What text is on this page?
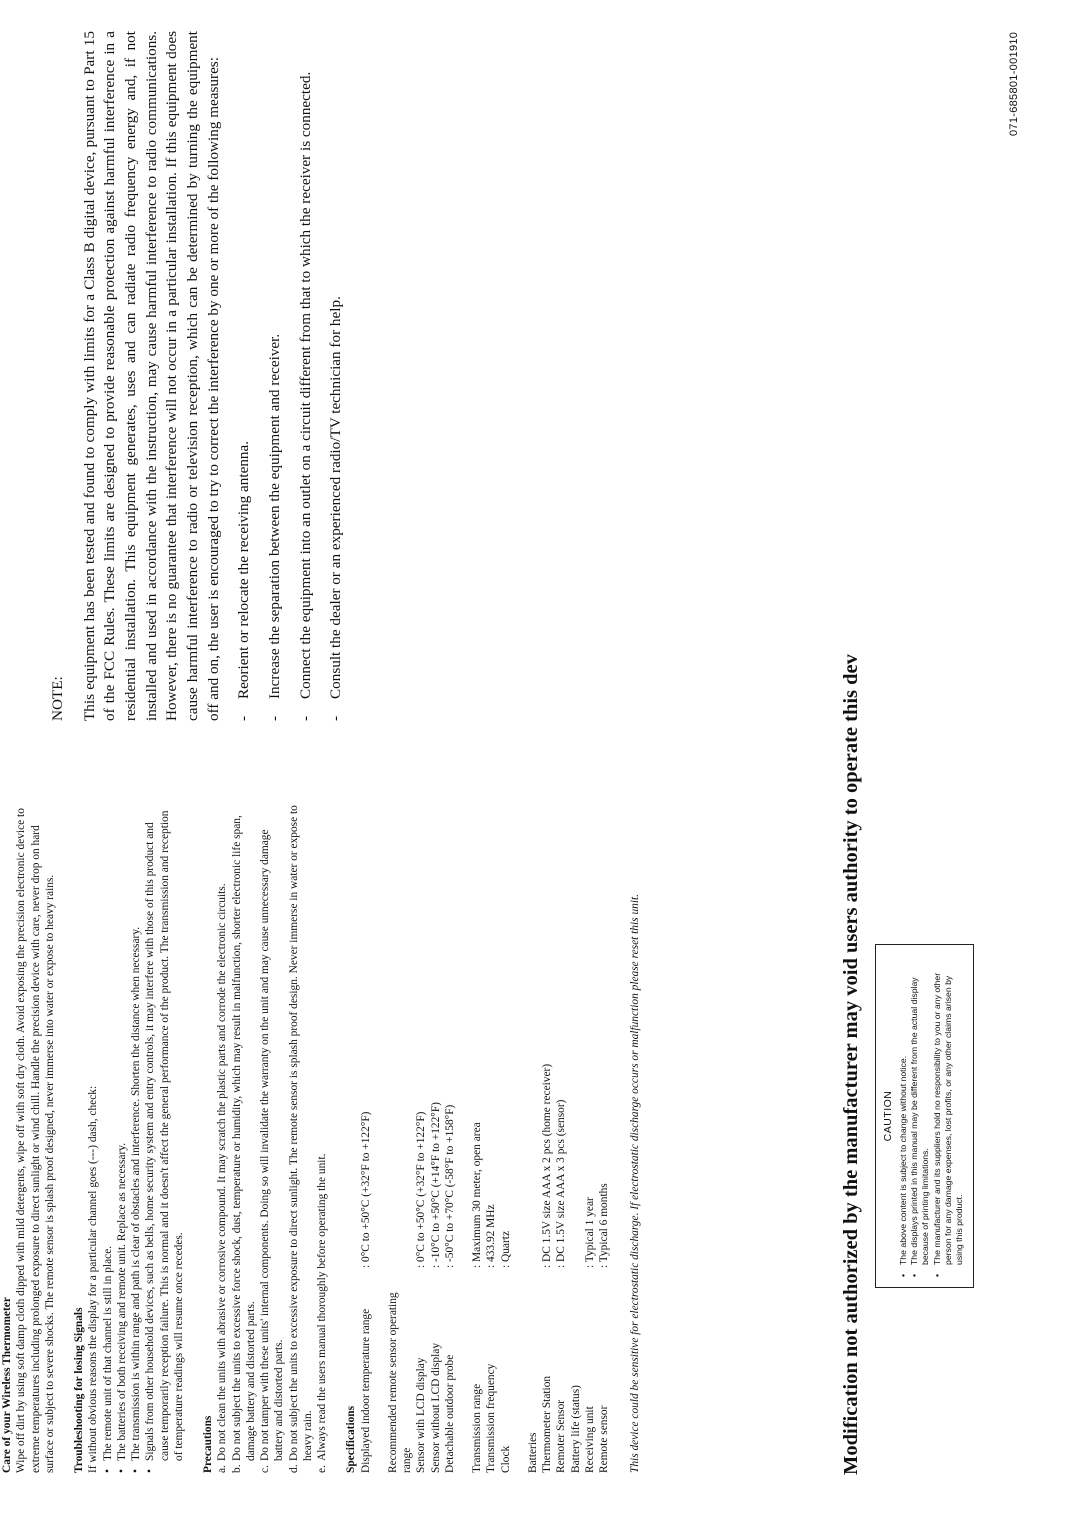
Care of your Wireless Thermometer Wipe off dirt by using soft damp cloth dipped with mild detergents, wipe off with soft dry cloth. Avoid exposing the precision electronic device to extreme temperatures including prolonged exposure to direct sunlight or wind chill. Handle the precision device with care, never drop on hard surface or subject to severe shocks. The remote sensor is splash proof designed, never immerse into water or expose to heavy rains. Troubleshooting for losing Signals If without obvious reasons the display for a particular channel goes (---) dash, check: • The remote unit of that channel is still in place. • The batteries of both receiving and remote unit. Replace as necessary. • The transmission is within range and path is clear of obstacles and interference. Shorten the distance when necessary. • Signals from other household devices, such as bells, home security system and entry controls, it may interfere with those of this product and cause temporarily reception failure. This is normal and it doesn't affect the general performance of the product. The transmission and reception of temperature readings will resume once recedes. Precautions a.
Do not clean the units with abrasive or corrosive compound. It may scratch the plastic parts and corrode the electronic circuits.
b.
Do not subject the units to excessive force shock, dust, temperature or humidity, which may result in malfunction, shorter electronic life span, damage battery and distorted parts.
c.
Do not tamper with these units' internal components. Doing so will invalidate the warranty on the unit and may cause unnecessary damage battery and distorted parts.
d.
Do not subject the units to excessive exposure to direct sunlight. The remote sensor is splash proof design. Never immerse in water or expose to heavy rain.
e.
Always read the users manual thoroughly before operating the unit. Specifications Displayed indoor temperature range
: 0°C to +50°C (+32°F to +122°F)
Recommended remote sensor operating range Sensor with LCD display
: 0°C to +50°C (+32°F to +122°F)
Sensor without LCD display
: -10°C to +50°C (+14°F to +122°F)
Detachable outdoor probe
: -50°C to +70°C (-58°F to +158°F)
Transmission range
: Maximum 30 meter, open area
Transmission frequency
: 433.92 MHz
Clock
: Quartz
Batteries Thermometer Station
: DC 1.5V size AAA x 2 pcs (home receiver)
Remoter Sensor
: DC 1.5V size AAA x 3 pcs (sensor)
Battery life (status) Receiving unit
: Typical 1 year
Remote sensor
: Typical 6 months This device could be sensitive for electrostatic discharge. If electrostatic discharge occurs or malfunction please reset this unit.	Modification not authorized by the manufacturer may void users authority to operate this dev CAUTION • The above content is subject to change without notice. • The displays printed in this manual may be different from the actual display because of printing limitations. • The manufacturer and its suppliers hold no responsibility to you or any other person for any damage expenses, lost profits, or any other claims arisen by using this product.
NOTE: This equipment has been tested and found to comply with limits for a Class B digital device, pursuant to Part 15 of the FCC Rules. These limits are designed to provide reasonable protection against harmful interference in a residential installation. This equipment generates, uses and can radiate radio frequency energy and, if not installed and used in accordance with the instruction, may cause harmful interference to radio communications. However, there is no guarantee that interference will not occur in a particular installation. If this equipment does cause harmful interference to radio or television reception, which can be determined by turning the equipment off and on, the user is encouraged to try to correct the interference by one or more of the following measures: -
Reorient or relocate the receiving antenna.
-
Increase the separation between the equipment and receiver.
-
Connect the equipment into an outlet on a circuit different from that to which the receiver is connected.
-
Consult the dealer or an experienced radio/TV technician for help.
071-685801-001910
